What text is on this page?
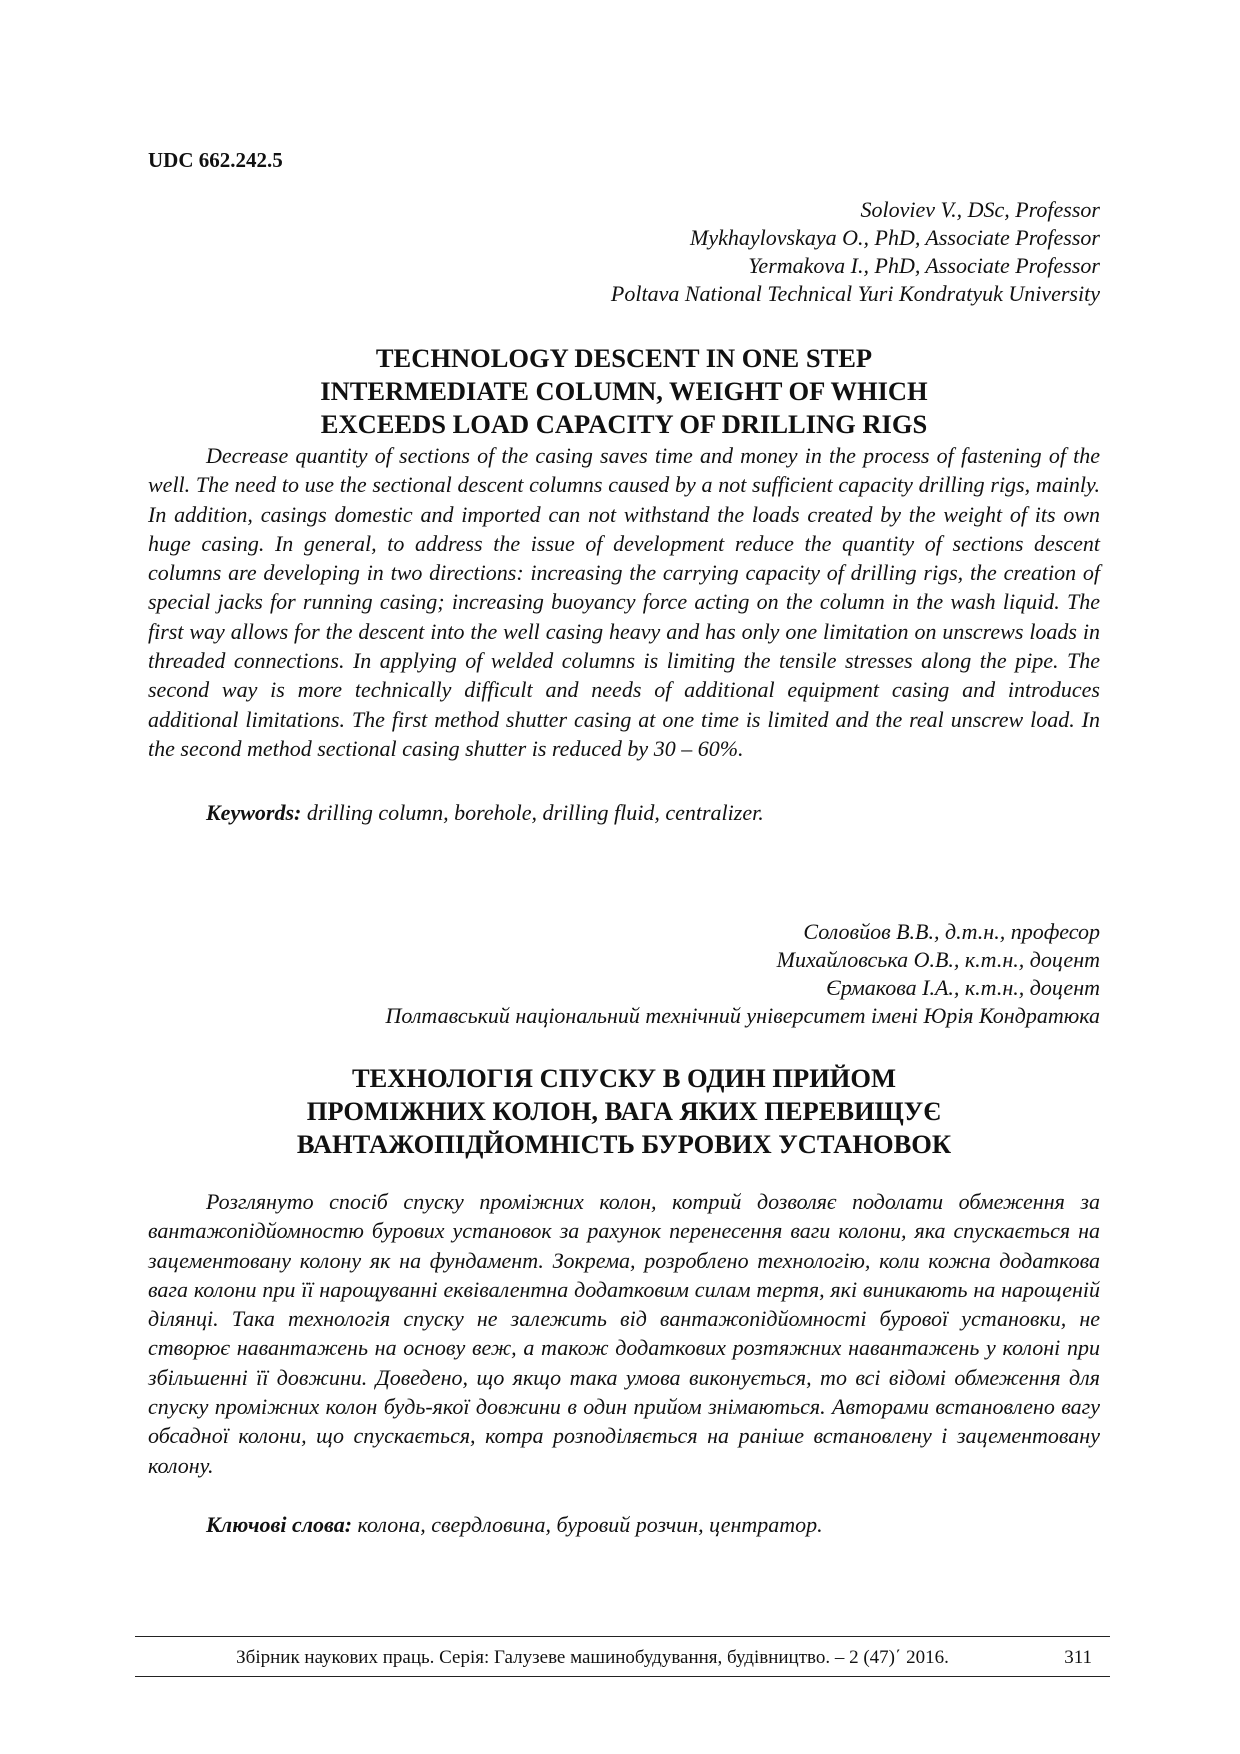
UDC 662.242.5
Soloviev V., DSc, Professor
Mykhaylovskaya O., PhD, Associate Professor
Yermakova I., PhD, Associate Professor
Poltava National Technical Yuri Kondratyuk University
TECHNOLOGY DESCENT IN ONE STEP
INTERMEDIATE COLUMN, WEIGHT OF WHICH
EXCEEDS LOAD CAPACITY OF DRILLING RIGS

Decrease quantity of sections of the casing saves time and money in the process of fastening of the well. The need to use the sectional descent columns caused by a not sufficient capacity drilling rigs, mainly. In addition, casings domestic and imported can not withstand the loads created by the weight of its own huge casing. In general, to address the issue of development reduce the quantity of sections descent columns are developing in two directions: increasing the carrying capacity of drilling rigs, the creation of special jacks for running casing; increasing buoyancy force acting on the column in the wash liquid. The first way allows for the descent into the well casing heavy and has only one limitation on unscrews loads in threaded connections. In applying of welded columns is limiting the tensile stresses along the pipe. The second way is more technically difficult and needs of additional equipment casing and introduces additional limitations. The first method shutter casing at one time is limited and the real unscrew load. In the second method sectional casing shutter is reduced by 30 – 60%.

Keywords: drilling column, borehole, drilling fluid, centralizer.

Соловйов В.В., д.т.н., професор
Михайловська О.В., к.т.н., доцент
Єрмакова І.А., к.т.н., доцент
Полтавський національний технічний університет імені Юрія Кондратюка
ТЕХНОЛОГІЯ СПУСКУ В ОДИН ПРИЙОМ
ПРОМІЖНИХ КОЛОН, ВАГА ЯКИХ ПЕРЕВИЩУЄ
ВАНТАЖОПІДЙОМНІСТЬ БУРОВИХ УСТАНОВОК

Розглянуто спосіб спуску проміжних колон, котрий дозволяє подолати обмеження за вантажопідйомностю бурових установок за рахунок перенесення ваги колони, яка спускається на зацементовану колону як на фундамент. Зокрема, розроблено технологію, коли кожна додаткова вага колони при її нарощуванні еквівалентна додатковим силам тертя, які виникають на нарощеній ділянці. Така технологія спуску не залежить від вантажопідйомності бурової установки, не створює навантажень на основу веж, а також додаткових розтяжних навантажень у колоні при збільшенні її довжини. Доведено, що якщо така умова виконується, то всі відомі обмеження для спуску проміжних колон будь-якої довжини в один прийом знімаються. Авторами встановлено вагу обсадної колони, що спускається, котра розподіляється на раніше встановлену і зацементовану колону.

Ключові слова: колона, свердловина, буровий розчин, центратор.

Збірник наукових праць. Серія: Галузеве машинобудування, будівництво. – 2 (47)΄ 2016.	311
